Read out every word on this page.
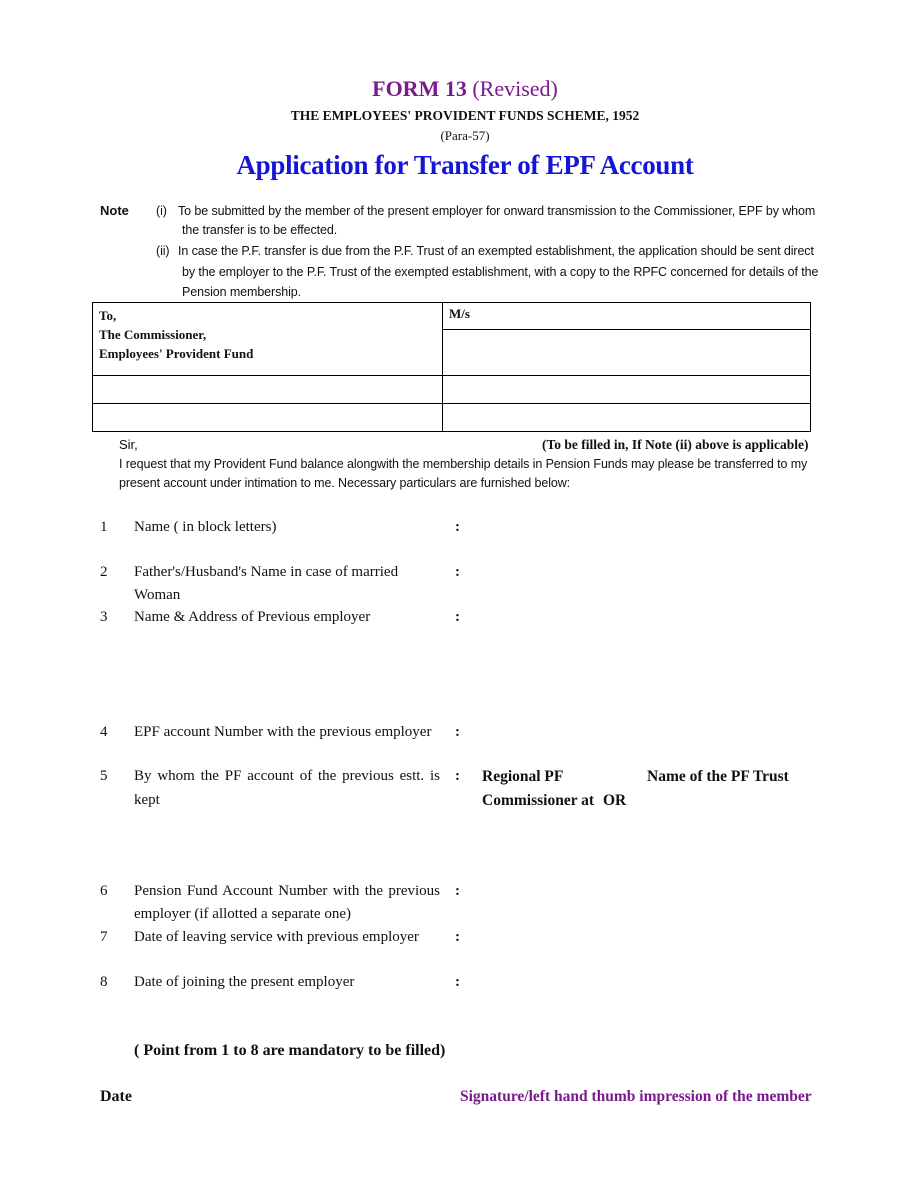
FORM 13 (Revised)
THE EMPLOYEES' PROVIDENT FUNDS SCHEME, 1952
(Para-57)
Application for Transfer of EPF Account
Note (i) To be submitted by the member of the present employer for onward transmission to the Commissioner, EPF by whom
the transfer is to be effected.
(ii) In case the P.F. transfer is due from the P.F. Trust of an exempted establishment, the application should be sent direct
by the employer to the P.F. Trust of the exempted establishment, with a copy to the RPFC concerned for details of the
Pension membership.
To,
The Commissioner,
Employees' Provident Fund	M/s

Sir,	(To be filled in, If Note (ii) above is applicable)
I request that my Provident Fund balance alongwith the membership details in Pension Funds may please be transferred to my
present account under intimation to me. Necessary particulars are furnished below:
1 Name ( in block letters)	:
2 Father's/Husband's Name in case of married
Woman
:
3 Name & Address of Previous employer	:
4 EPF account Number with the previous employer :
5 By whom the PF account of the previous estt. is
kept
: Regional PF
Commissioner at OR
Name of the PF Trust
6 Pension Fund Account Number with the previous
employer (if allotted a separate one)
:
7 Date of leaving service with previous employer :
8 Date of joining the present employer	:
( Point from 1 to 8 are mandatory to be filled)
Date	Signature/left hand thumb impression of the member
